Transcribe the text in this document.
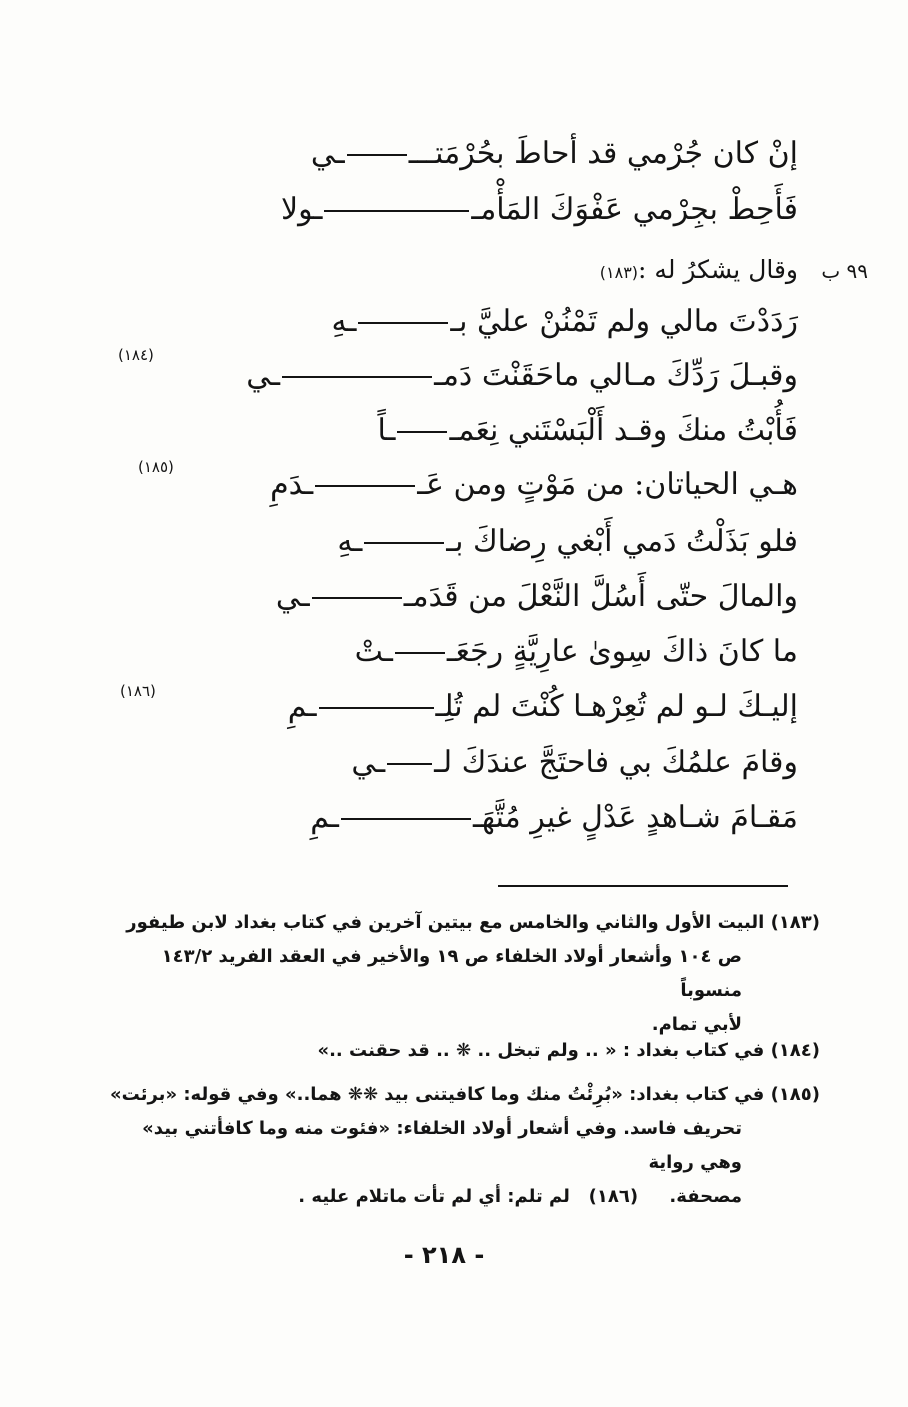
إنْ كان جُرْمي قد أحاطَ بحُرْمَتــــي
فَأَحِطْ بجِرْمي عَفْوَكَ المَأْمــولا
٩٩ ب
وقال يشكرُ له :(١٨٣)
رَدَدْتَ مالي ولم تَمْنُنْ عليَّ بــهِ
(١٨٤)
وقبـلَ رَدِّكَ مـالي ماحَقَنْتَ دَمــي
فَأُبْتُ منكَ وقـد أَلْبَسْتَني نِعَمــاً
(١٨٥)	هـي الحياتان: من مَوْتٍ ومن عَــدَمِ
فلو بَذَلْتُ دَمي أَبْغي رِضاكَ بــهِ
والمالَ حتّى أَسُلَّ النَّعْلَ من قَدَمــي
ما كانَ ذاكَ سِوىٰ عارِيَّةٍ رجَعَــتْ
(١٨٦)	إليـكَ لـو لم تُعِرْهـا كُنْتَ لم تُلِــمِ
وقامَ علمُكَ بي فاحتَجَّ عندَكَ لــي
مَقـامَ شـاهدٍ عَدْلٍ غيرِ مُتَّهَــمِ
(١٨٣) البيت الأول والثاني والخامس مع بيتين آخرين في كتاب بغداد لابن طيفور
ص ١٠٤ وأشعار أولاد الخلفاء ص ١٩ والأخير في العقد الفريد ١٤٣/٢ منسوباً
لأبي تمام.
(١٨٤) في كتاب بغداد : « .. ولم تبخل .. ❋ .. قد حقنت ..»
(١٨٥) في كتاب بغداد: «بُرِئْتُ منك وما كافيتنى بيد ❋❋ هما..» وفي قوله: «برئت»
تحريف فاسد. وفي أشعار أولاد الخلفاء: «فئوت منه وما كافأتني بيد» وهي رواية
مصحفة.     (١٨٦)   لم تلم: أي لم تأت ماتلام عليه .
- ٢١٨ -
